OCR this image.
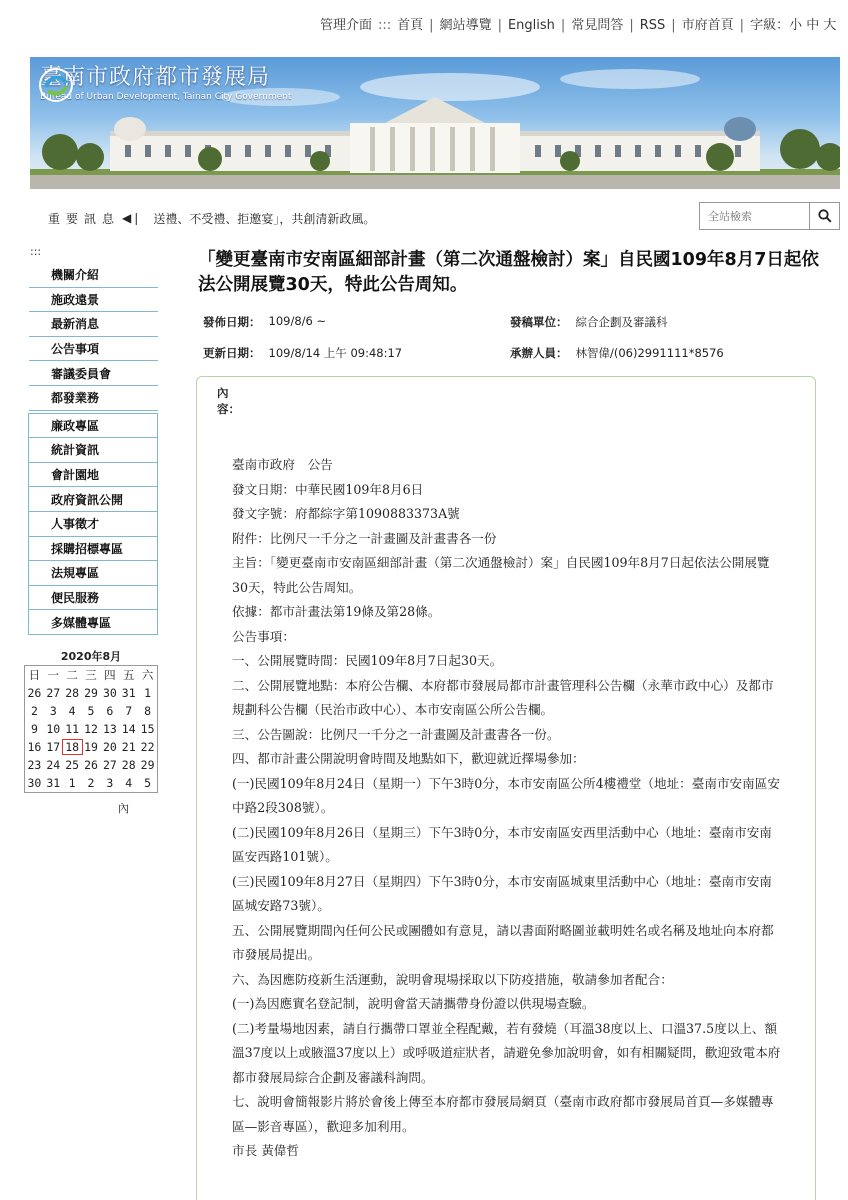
管理介面 ::: 首頁 | 網站導覽 | English | 常見問答 | RSS | 市府首頁 | 字級：小 中 大
臺南市政府都市發展局
Bureau of Urban Development, Tainan City Government
重要訊息 ◀❘ 送禮、不受禮、拒邀宴」，共創清新政風。
全站檢索
:::
機關介紹
施政遠景
最新消息
公告事項
審議委員會
都發業務
廉政專區
統計資訊
會計園地
政府資訊公開
人事徵才
採購招標專區
法規專區
便民服務
多媒體專區
2020年8月
日 一 二 三 四 五 六
26 27 28 29 30 31 1
2	3	4	5	6	7	8
9 10 11 12 13 14 15
16 17 18 19 20 21 22
23 24 25 26 27 28 29
30 31 1	2	3	4	5
內
「變更臺南市安南區細部計畫（第二次通盤檢討）案」自民國109年8月7日起依法公開展覽30天，特此公告周知。
發佈日期： 109/8/6 ~	發稿單位： 綜合企劃及審議科
更新日期： 109/8/14 上午 09:48:17	承辦人員： 林智偉/(06)2991111*8576
內容：

臺南市政府　公告

發文日期：中華民國109年8月6日

發文字號：府都綜字第1090883373A號

附件：比例尺一千分之一計畫圖及計畫書各一份

主旨：「變更臺南市安南區細部計畫（第二次通盤檢討）案」自民國109年8月7日起依法公開展覽30天，特此公告周知。

依據：都市計畫法第19條及第28條。

公告事項：

一、公開展覽時間：民國109年8月7日起30天。

二、公開展覽地點：本府公告欄、本府都市發展局都市計畫管理科公告欄（永華市政中心）及都市規劃科公告欄（民治市政中心）、本市安南區公所公告欄。

三、公告圖說：比例尺一千分之一計畫圖及計畫書各一份。

四、都市計畫公開說明會時間及地點如下，歡迎就近擇場參加：

(一)民國109年8月24日（星期一）下午3時0分，本市安南區公所4樓禮堂（地址：臺南市安南區安中路2段308號）。

(二)民國109年8月26日（星期三）下午3時0分，本市安南區安西里活動中心（地址：臺南市安南區安西路101號）。

(三)民國109年8月27日（星期四）下午3時0分，本市安南區城東里活動中心（地址：臺南市安南區城安路73號）。

五、公開展覽期間內任何公民或團體如有意見，請以書面附略圖並載明姓名或名稱及地址向本府都市發展局提出。

六、為因應防疫新生活運動，說明會現場採取以下防疫措施，敬請參加者配合：

(一)為因應實名登記制，說明會當天請攜帶身份證以供現場查驗。

(二)考量場地因素，請自行攜帶口罩並全程配戴，若有發燒（耳溫38度以上、口溫37.5度以上、額溫37度以上或腋溫37度以上）或呼吸道症狀者，請避免參加說明會，如有相關疑問，歡迎致電本府都市發展局綜合企劃及審議科詢問。

七、說明會簡報影片將於會後上傳至本府都市發展局網頁（臺南市政府都市發展局首頁—多媒體專區—影音專區），歡迎多加利用。

市長 黃偉哲
